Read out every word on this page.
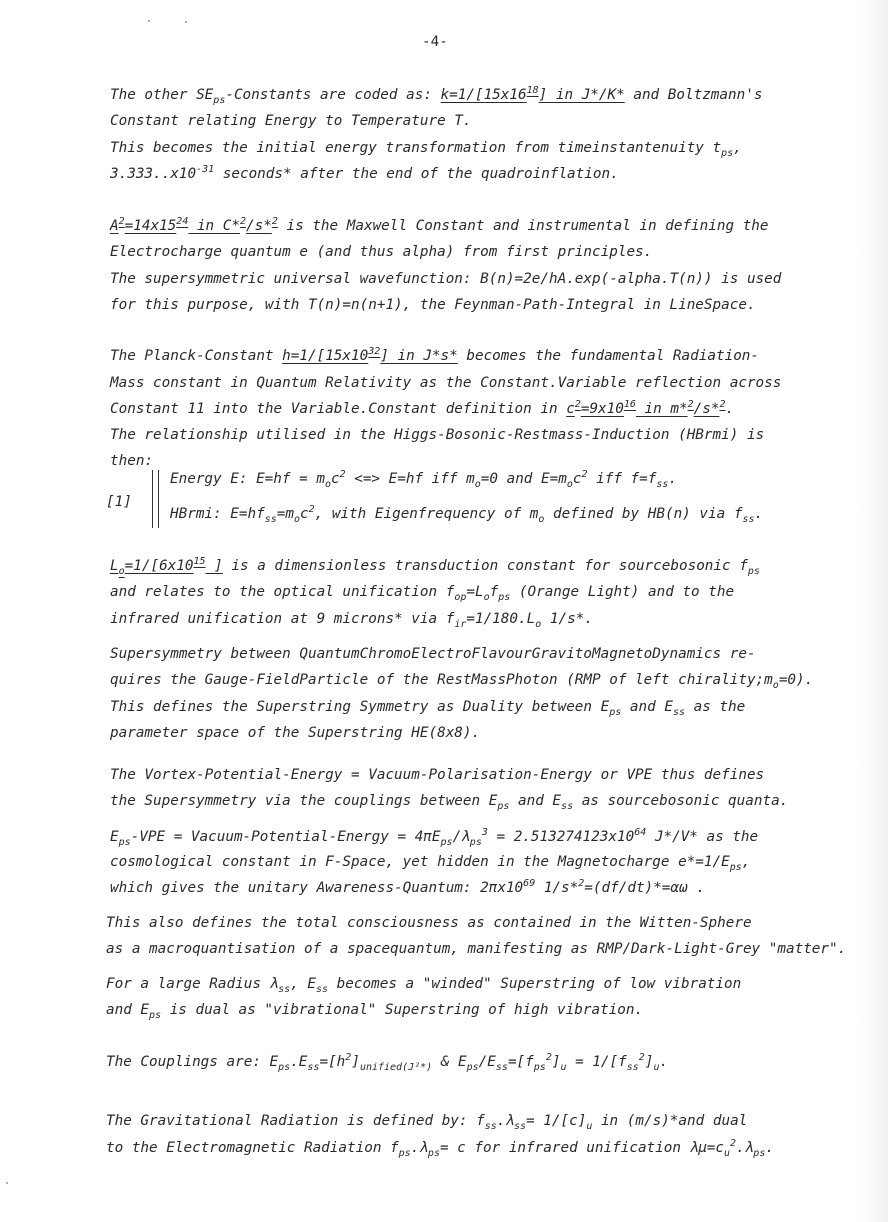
-4-
The other $SE_{ps}$-Constants are coded as: $k=1/[15x16^{18}]$ in J*/K* and Boltzmann's
Constant relating Energy to Temperature T.
This becomes the initial energy transformation from timeinstantenuity $t_{ps}$,
$3.333..x10^{-31}$ seconds* after the end of the quadroinflation.
$A^2=14x15^{24}$ in C*$^2$/s*$^2$ is the Maxwell Constant and instrumental in defining the
Electrocharge quantum e (and thus alpha) from first principles.
The supersymmetric universal wavefunction: B(n)=2e/hA.exp(-alpha.T(n)) is used
for this purpose, with T(n)=n(n+1), the Feynman-Path-Integral in LineSpace.
The Planck-Constant $h=1/[15x10^{32}]$ in J*s* becomes the fundamental Radiation-
Mass constant in Quantum Relativity as the Constant.Variable reflection across
Constant 11 into the Variable.Constant definition in $c^2=9x10^{16}$ in m*$^2$/s*$^2$.
The relationship utilised in the Higgs-Bosonic-Restmass-Induction (HBrmi) is
then:
[1]
Energy E: $E=hf = m_oc^2$ <=> E=hf iff $m_o=0$ and $E=m_oc^2$ iff $f=f_{ss}$.
HBrmi: $E=hf_{ss}=m_oc^2$, with Eigenfrequency of $m_o$ defined by HB(n) via $f_{ss}$.
$L_o=1/[6x10^{15}$ ] is a dimensionless transduction constant for sourcebosonic $f_{ps}$
and relates to the optical unification $f_{op}=L_of_{ps}$ (Orange Light) and to the
infrared unification at 9 microns* via $f_{ir}=1/180.L_o$ 1/s*.
Supersymmetry between QuantumChromoElectroFlavourGravitoMagnetoDynamics re-
quires the Gauge-FieldParticle of the RestMassPhoton (RMP of left $chirality;m_o=0$).
This defines the Superstring Symmetry as Duality between $E_{ps}$ and $E_{ss}$ as the
parameter space of the Superstring HE(8x8).
The Vortex-Potential-Energy = Vacuum-Polarisation-Energy or VPE thus defines
the Supersymmetry via the couplings between $E_{ps}$ and $E_{ss}$ as sourcebosonic quanta.
$E_{ps}$-VPE = Vacuum-Potential-Energy = $4\pi E_{ps}/\lambda_{ps}^3 = 2.513274123x10^{64}$ J*/V* as the
cosmological constant in F-Space, yet hidden in the Magnetocharge $e*=1/E_{ps}$,
which gives the unitary Awareness-Quantum: $2\pi x10^{69}$ 1/s*$^2$=(df/dt)*=αω .
This also defines the total consciousness as contained in the Witten-Sphere
as a macroquantisation of a spacequantum, manifesting as RMP/Dark-Light-Grey "matter".
For a large Radius $\lambda_{ss}$, $E_{ss}$ becomes a "winded" Superstring of low vibration
and $E_{ps}$ is dual as "vibrational" Superstring of high vibration.
The Couplings are: $E_{ps}.E_{ss}=[h^2]_{unified(J^2*)}$ & $E_{ps}/E_{ss}=[f_{ps}^2]_u = 1/[f_{ss}^2]_u$.
The Gravitational Radiation is defined by: $f_{ss}.\lambda_{ss}= 1/[c]_u$ in (m/s)*and dual
to the Electromagnetic Radiation $f_{ps}.\lambda_{ps}= c$ for infrared unification $\lambda\mu=c_u^2.\lambda_{ps}$.
